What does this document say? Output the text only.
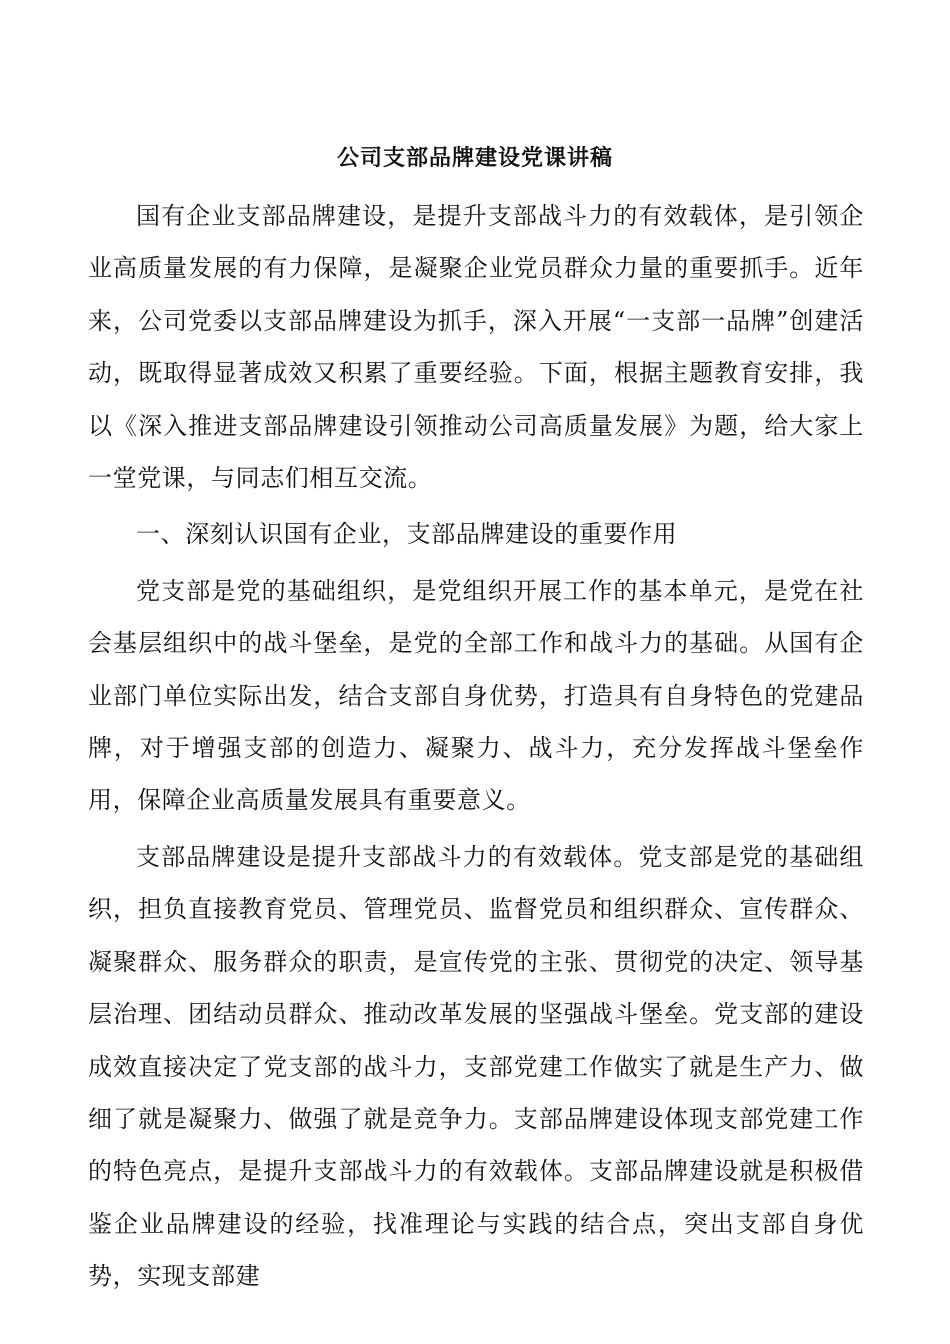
公司支部品牌建设党课讲稿

国有企业支部品牌建设，是提升支部战斗力的有效载体，是引领企业高质量发展的有力保障，是凝聚企业党员群众力量的重要抓手。近年来，公司党委以支部品牌建设为抓手，深入开展“一支部一品牌”创建活动，既取得显著成效又积累了重要经验。下面，根据主题教育安排，我以《深入推进支部品牌建设引领推动公司高质量发展》为题，给大家上一堂党课，与同志们相互交流。

一、深刻认识国有企业，支部品牌建设的重要作用

党支部是党的基础组织，是党组织开展工作的基本单元，是党在社会基层组织中的战斗堡垒，是党的全部工作和战斗力的基础。从国有企业部门单位实际出发，结合支部自身优势，打造具有自身特色的党建品牌，对于增强支部的创造力、凝聚力、战斗力，充分发挥战斗堡垒作用，保障企业高质量发展具有重要意义。

支部品牌建设是提升支部战斗力的有效载体。党支部是党的基础组织，担负直接教育党员、管理党员、监督党员和组织群众、宣传群众、凝聚群众、服务群众的职责，是宣传党的主张、贯彻党的决定、领导基层治理、团结动员群众、推动改革发展的坚强战斗堡垒。党支部的建设成效直接决定了党支部的战斗力，支部党建工作做实了就是生产力、做细了就是凝聚力、做强了就是竞争力。支部品牌建设体现支部党建工作的特色亮点，是提升支部战斗力的有效载体。支部品牌建设就是积极借鉴企业品牌建设的经验，找准理论与实践的结合点，突出支部自身优势，实现支部建
